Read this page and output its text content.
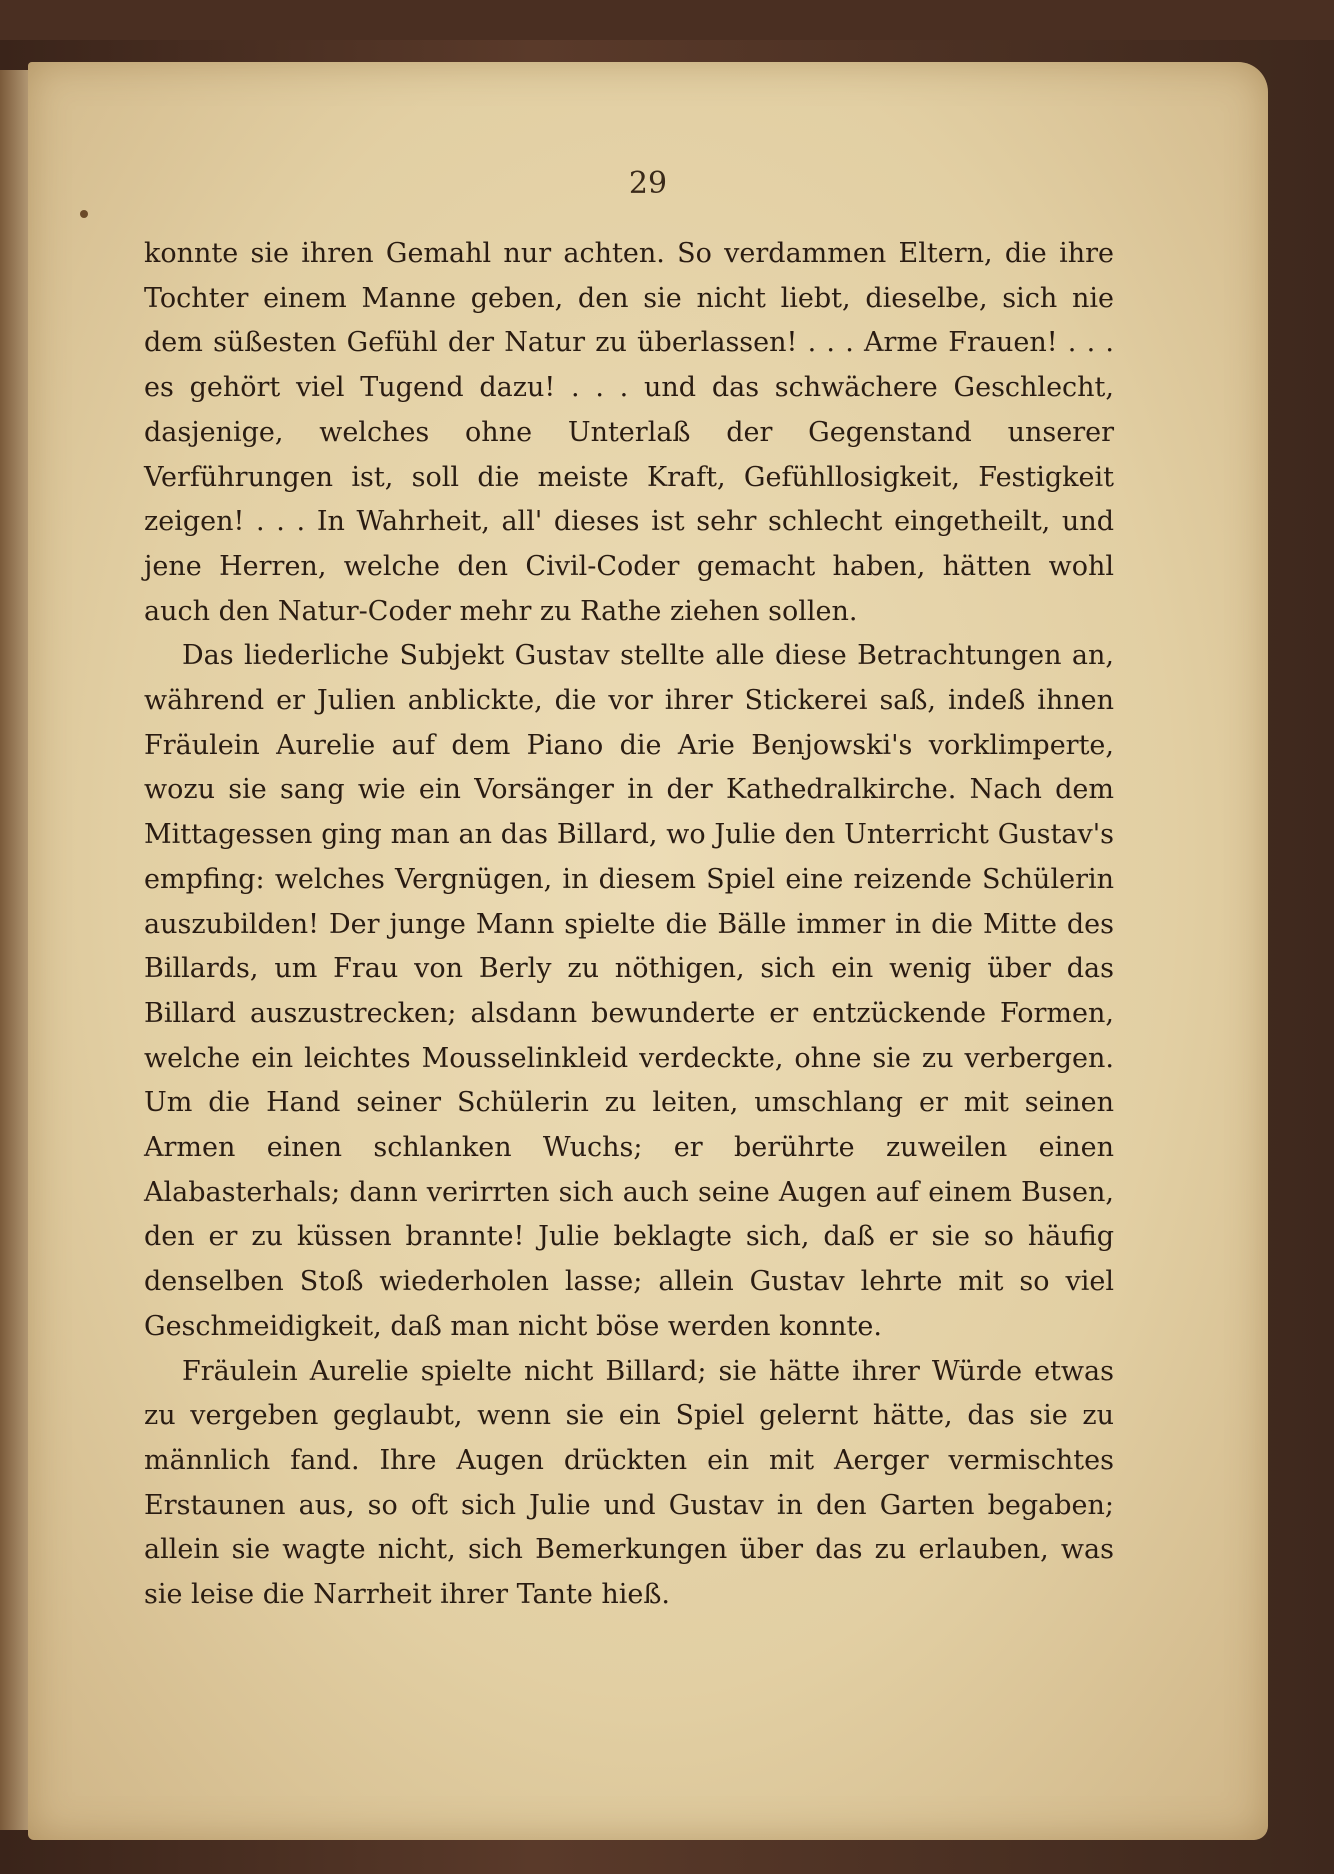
29

konnte sie ihren Gemahl nur achten. So verdammen Eltern, die ihre Tochter einem Manne geben, den sie nicht liebt, dieselbe, sich nie dem süßesten Gefühl der Natur zu überlassen! . . . Arme Frauen! . . . es gehört viel Tugend dazu! . . . und das schwächere Geschlecht, dasjenige, welches ohne Unterlaß der Gegenstand unserer Verführungen ist, soll die meiste Kraft, Gefühllosigkeit, Festigkeit zeigen! . . . In Wahrheit, all' dieses ist sehr schlecht eingetheilt, und jene Herren, welche den Civil-Coder gemacht haben, hätten wohl auch den Natur-Coder mehr zu Rathe ziehen sollen.

Das liederliche Subjekt Gustav stellte alle diese Betrachtungen an, während er Julien anblickte, die vor ihrer Stickerei saß, indeß ihnen Fräulein Aurelie auf dem Piano die Arie Benjowski's vorklimperte, wozu sie sang wie ein Vorsänger in der Kathedralkirche. Nach dem Mittagessen ging man an das Billard, wo Julie den Unterricht Gustav's empfing: welches Vergnügen, in diesem Spiel eine reizende Schülerin auszubilden! Der junge Mann spielte die Bälle immer in die Mitte des Billards, um Frau von Berly zu nöthigen, sich ein wenig über das Billard auszustrecken; alsdann bewunderte er entzückende Formen, welche ein leichtes Mousselinkleid verdeckte, ohne sie zu verbergen. Um die Hand seiner Schülerin zu leiten, umschlang er mit seinen Armen einen schlanken Wuchs; er berührte zuweilen einen Alabasterhals; dann verirrten sich auch seine Augen auf einem Busen, den er zu küssen brannte! Julie beklagte sich, daß er sie so häufig denselben Stoß wiederholen lasse; allein Gustav lehrte mit so viel Geschmeidigkeit, daß man nicht böse werden konnte.

Fräulein Aurelie spielte nicht Billard; sie hätte ihrer Würde etwas zu vergeben geglaubt, wenn sie ein Spiel gelernt hätte, das sie zu männlich fand. Ihre Augen drückten ein mit Aerger vermischtes Erstaunen aus, so oft sich Julie und Gustav in den Garten begaben; allein sie wagte nicht, sich Bemerkungen über das zu erlauben, was sie leise die Narrheit ihrer Tante hieß.
